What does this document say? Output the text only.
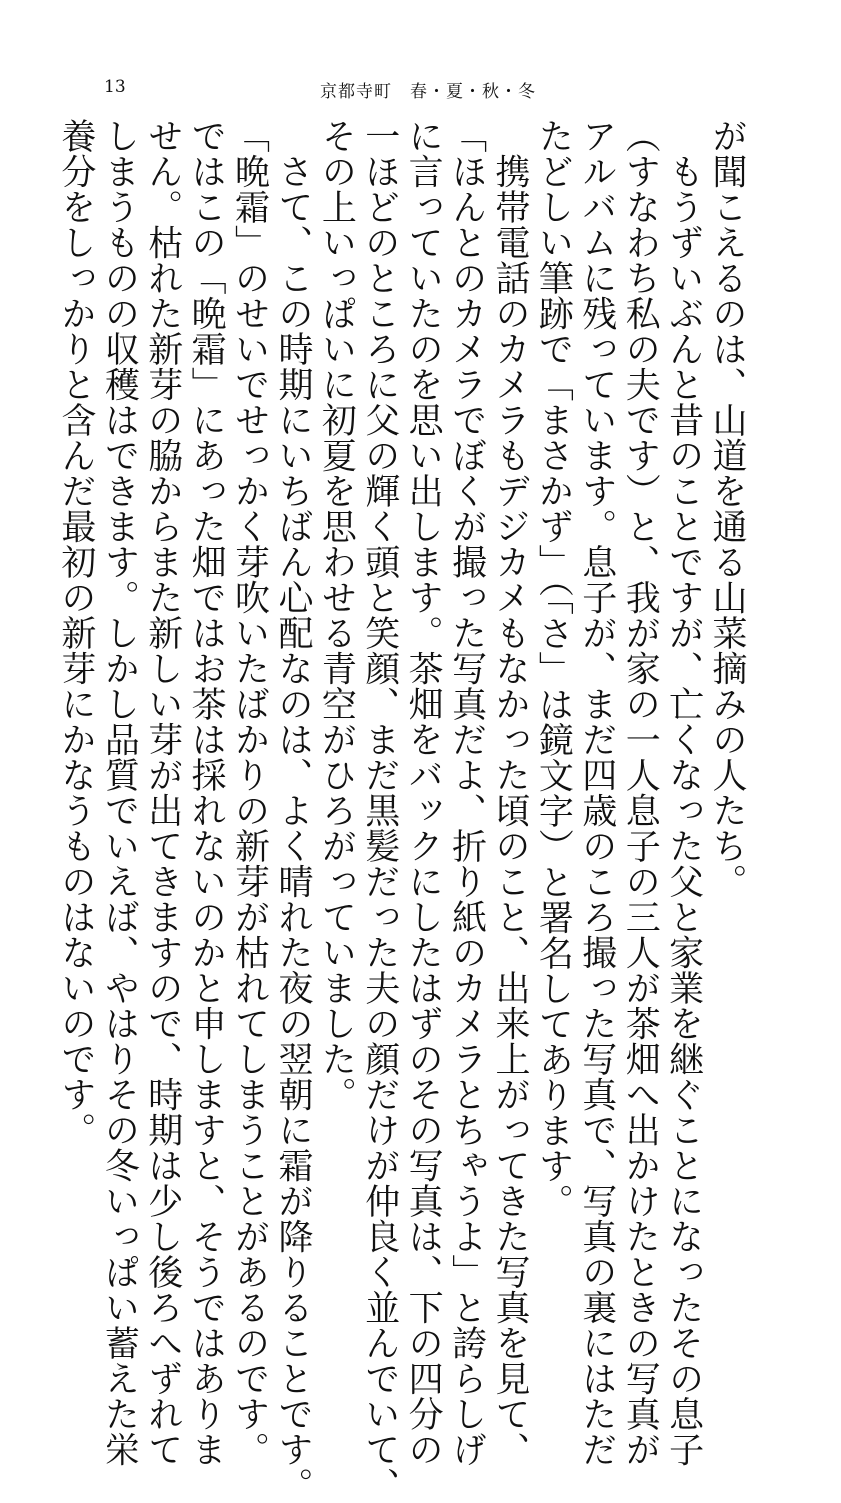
13	京都寺町　春・夏・秋・冬
が聞こえるのは、山道を通る山菜摘みの人たち。
　もうずいぶんと昔のことですが、亡くなった父と家業を継ぐことになったその息子
（すなわち私の夫です）と、我が家の一人息子の三人が茶畑へ出かけたときの写真が
アルバムに残っています。息子が、まだ四歳のころ撮った写真で、写真の裏にはただ
たどしい筆跡で「まさかず」（「さ」は鏡文字）と署名してあります。
　携帯電話のカメラもデジカメもなかった頃のこと、出来上がってきた写真を見て、
「ほんとのカメラでぼくが撮った写真だよ、折り紙のカメラとちゃうよ」と誇らしげ
に言っていたのを思い出します。茶畑をバックにしたはずのその写真は、下の四分の
一ほどのところに父の輝く頭と笑顔、まだ黒髪だった夫の顔だけが仲良く並んでいて、
その上いっぱいに初夏を思わせる青空がひろがっていました。
　さて、この時期にいちばん心配なのは、よく晴れた夜の翌朝に霜が降りることです。
「晩霜」のせいでせっかく芽吹いたばかりの新芽が枯れてしまうことがあるのです。
ではこの「晩霜」にあった畑ではお茶は採れないのかと申しますと、そうではありま
せん。枯れた新芽の脇からまた新しい芽が出てきますので、時期は少し後ろへずれて
しまうものの収穫はできます。しかし品質でいえば、やはりその冬いっぱい蓄えた栄
養分をしっかりと含んだ最初の新芽にかなうものはないのです。
